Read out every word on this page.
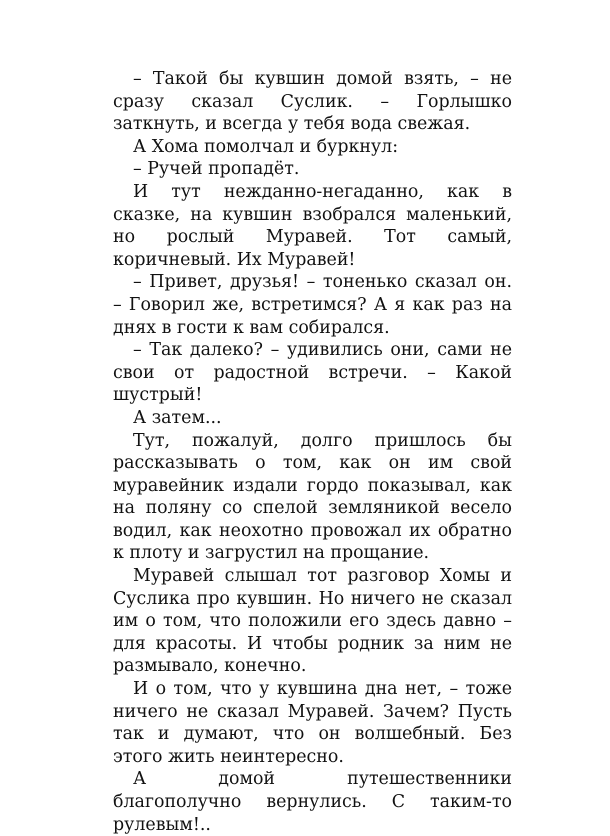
– Такой бы кувшин домой взять, – не сразу сказал Суслик. – Горлышко заткнуть, и всегда у тебя вода свежая.

А Хома помолчал и буркнул:

– Ручей пропадёт.

И тут нежданно-негаданно, как в сказке, на кувшин взобрался маленький, но рослый Муравей. Тот самый, коричневый. Их Муравей!

– Привет, друзья! – тоненько сказал он. – Говорил же, встретимся? А я как раз на днях в гости к вам собирался.

– Так далеко? – удивились они, сами не свои от радостной встречи. – Какой шустрый!

А затем...

Тут, пожалуй, долго пришлось бы рассказывать о том, как он им свой муравейник издали гордо показывал, как на поляну со спелой земляникой весело водил, как неохотно провожал их обратно к плоту и загрустил на прощание.

Муравей слышал тот разговор Хомы и Суслика про кувшин. Но ничего не сказал им о том, что положили его здесь давно – для красоты. И чтобы родник за ним не размывало, конечно.

И о том, что у кувшина дна нет, – тоже ничего не сказал Муравей. Зачем? Пусть так и думают, что он волшебный. Без этого жить неинтересно.

А домой путешественники благополучно вернулись. С таким-то рулевым!..
